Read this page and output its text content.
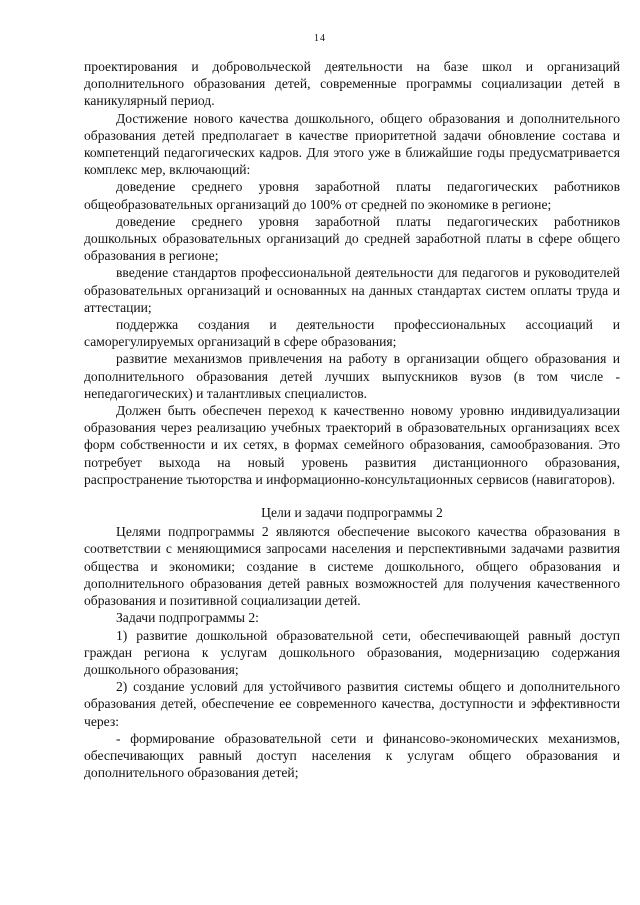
14

проектирования и добровольческой деятельности на базе школ и организаций дополнительного образования детей, современные программы социализации детей в каникулярный период.

Достижение нового качества дошкольного, общего образования и дополнительного образования детей предполагает в качестве приоритетной задачи обновление состава и компетенций педагогических кадров. Для этого уже в ближайшие годы предусматривается комплекс мер, включающий:

доведение среднего уровня заработной платы педагогических работников общеобразовательных организаций до 100% от средней по экономике в регионе;

доведение среднего уровня заработной платы педагогических работников дошкольных образовательных организаций до средней заработной платы в сфере общего образования в регионе;

введение стандартов профессиональной деятельности для педагогов и руководителей образовательных организаций и основанных на данных стандартах систем оплаты труда и аттестации;

поддержка создания и деятельности профессиональных ассоциаций и саморегулируемых организаций в сфере образования;

развитие механизмов привлечения на работу в организации общего образования и дополнительного образования детей лучших выпускников вузов (в том числе - непедагогических) и талантливых специалистов.

Должен быть обеспечен переход к качественно новому уровню индивидуализации образования через реализацию учебных траекторий в образовательных организациях всех форм собственности и их сетях, в формах семейного образования, самообразования. Это потребует выхода на новый уровень развития дистанционного образования, распространение тьюторства и информационно-консультационных сервисов (навигаторов).

Цели и задачи подпрограммы 2

Целями подпрограммы 2 являются обеспечение высокого качества образования в соответствии с меняющимися запросами населения и перспективными задачами развития общества и экономики; создание в системе дошкольного, общего образования и дополнительного образования детей равных возможностей для получения качественного образования и позитивной социализации детей.

Задачи подпрограммы 2:

1) развитие дошкольной образовательной сети, обеспечивающей равный доступ граждан региона к услугам дошкольного образования, модернизацию содержания дошкольного образования;

2) создание условий для устойчивого развития системы общего и дополнительного образования детей, обеспечение ее современного качества, доступности и эффективности через:

- формирование образовательной сети и финансово-экономических механизмов, обеспечивающих равный доступ населения к услугам общего образования и дополнительного образования детей;
